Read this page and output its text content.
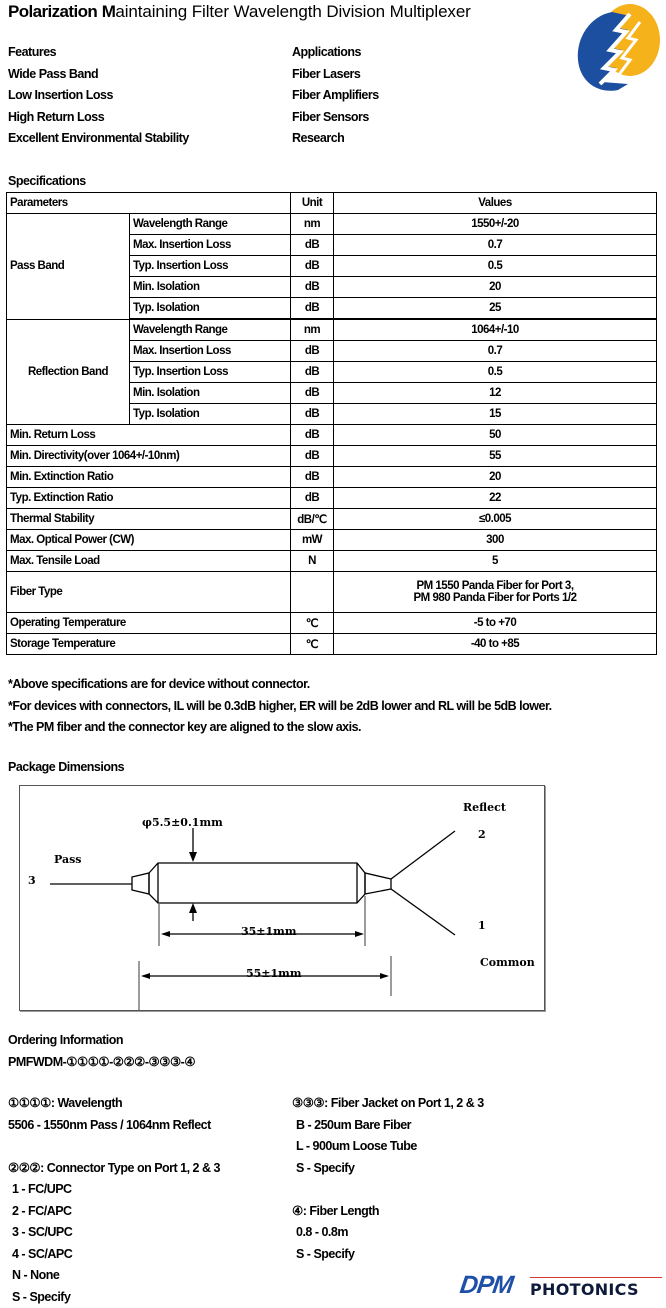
Polarization Maintaining Filter Wavelength Division Multiplexer
Features
Wide Pass Band
Low Insertion Loss
High Return Loss
Excellent Environmental Stability
Applications
Fiber Lasers
Fiber Amplifiers
Fiber Sensors
Research
Specifications
Parameters		Unit	Values
Pass Band	Wavelength Range	nm	1550+/-20
	Max. Insertion Loss	dB	0.7
	Typ. Insertion Loss	dB	0.5
	Min. Isolation	dB	20
	Typ. Isolation	dB	25
Reflection Band	Wavelength Range	nm	1064+/-10
	Max. Insertion Loss	dB	0.7
	Typ. Insertion Loss	dB	0.5
	Min. Isolation	dB	12
	Typ. Isolation	dB	15
Min. Return Loss		dB	50
Min. Directivity(over 1064+/-10nm)		dB	55
Min. Extinction Ratio		dB	20
Typ. Extinction Ratio		dB	22
Thermal Stability		dB/℃	≤0.005
Max. Optical Power (CW)		mW	300
Max. Tensile Load		N	5
Fiber Type			PM 1550 Panda Fiber for Port 3,
PM 980 Panda Fiber for Ports 1/2

Operating Temperature		℃	-5 to +70
Storage Temperature		℃	-40 to +85
*Above specifications are for device without connector.
*For devices with connectors, IL will be 0.3dB higher, ER will be 2dB lower and RL will be 5dB lower.
*The PM fiber and the connector key are aligned to the slow axis.
Package Dimensions
φ5.5±0.1mm
Pass
3
35±1mm
55±1mm
Reflect
2
1
Common
Ordering Information
PMFWDM-①①①①-②②②-③③③-④
①①①①: Wavelength
5506 - 1550nm Pass / 1064nm Reflect
②②②: Connector Type on Port 1, 2 & 3
1 - FC/UPC
2 - FC/APC
3 - SC/UPC
4 - SC/APC
N - None
S - Specify
③③③: Fiber Jacket on Port 1, 2 & 3
B - 250um Bare Fiber
L - 900um Loose Tube
S - Specify
④: Fiber Length
0.8 - 0.8m
S - Specify
DPM PHOTONICS
